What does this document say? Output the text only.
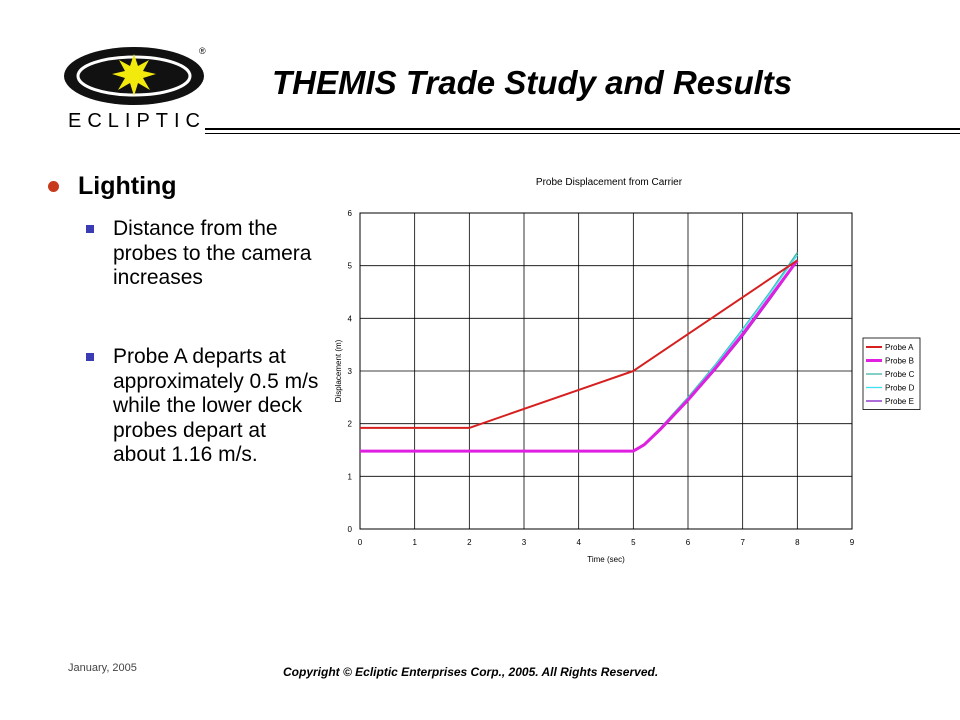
®
ECLIPTIC
THEMIS Trade Study and Results
Lighting
Distance from the probes to the camera increases
Probe A departs at approximately 0.5 m/s while the lower deck probes depart at about 1.16 m/s.
Probe Displacement from Carrier
Displacement (m)
Time (sec)
0	1	2	3	4	5	6	7	8	9
0
1
2
3
4
5
6
Probe A
Probe B
Probe C
Probe D
Probe E
January, 2005	Copyright © Ecliptic Enterprises Corp., 2005. All Rights Reserved.
